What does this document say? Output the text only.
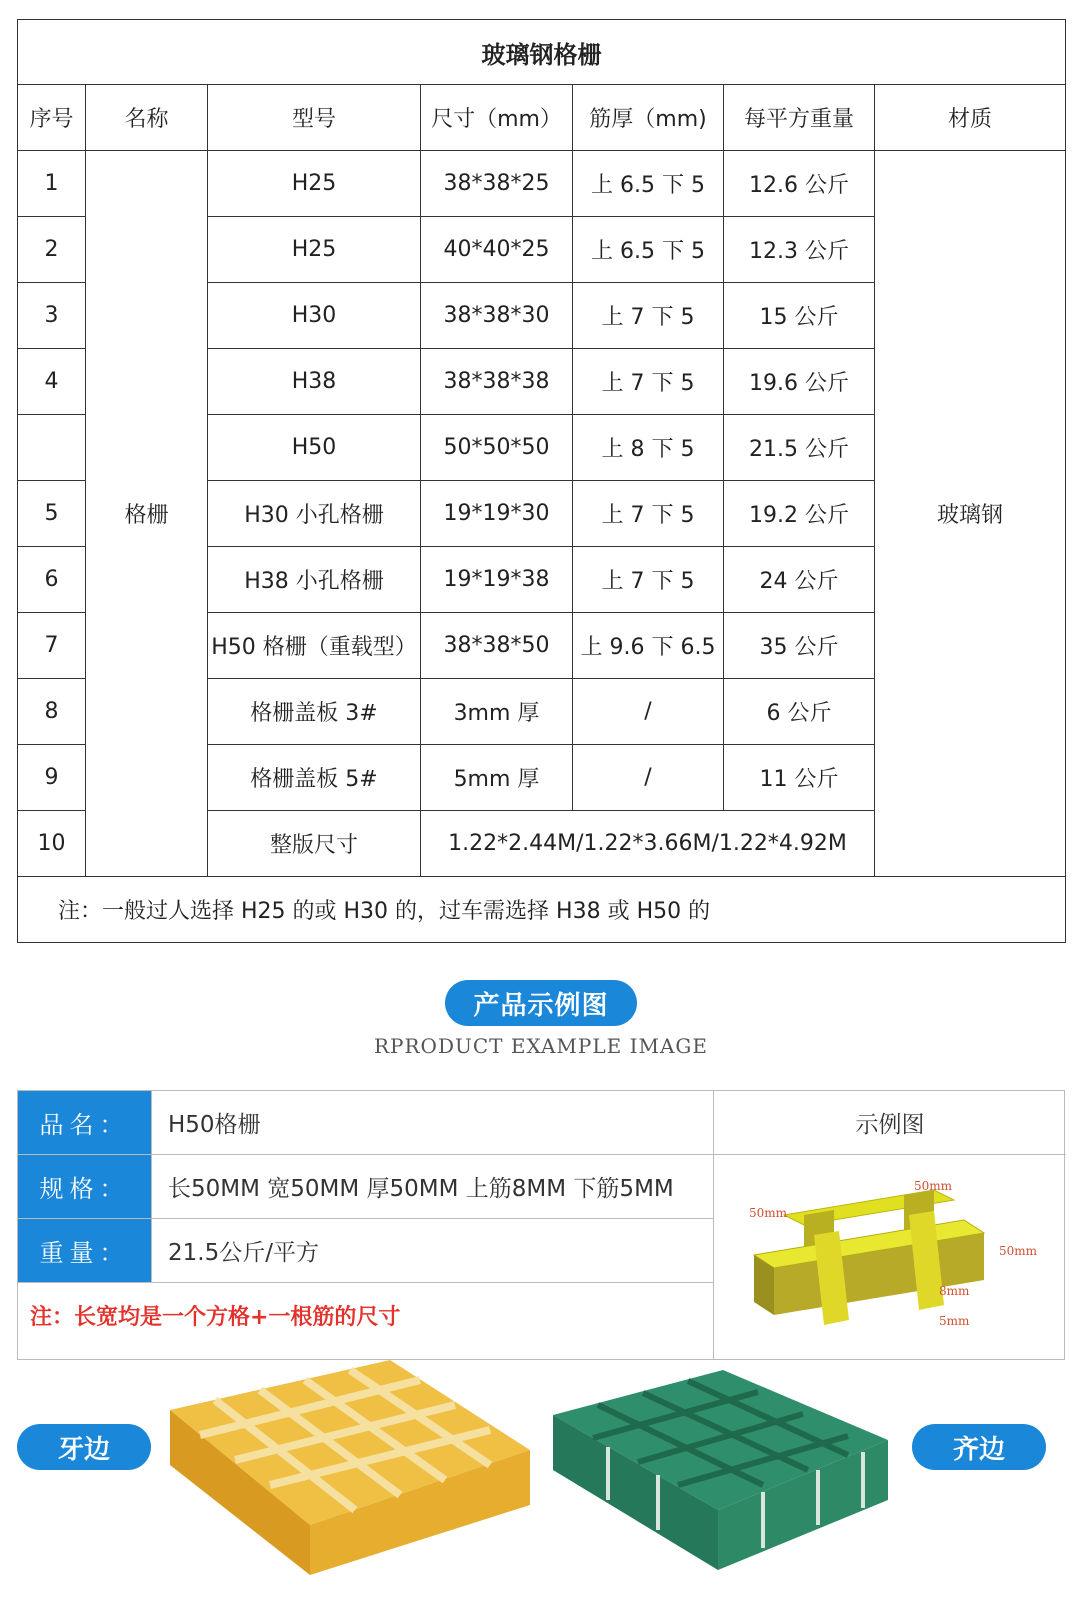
玻璃钢格栅						
序号	名称	型号	尺寸（mm）	筋厚（mm)	每平方重量	材质
1	格栅	H25	38*38*25	上 6.5 下 5	12.6 公斤	玻璃钢
2		H25	40*40*25	上 6.5 下 5	12.3 公斤	
3		H30	38*38*30	上 7 下 5	15 公斤	
4		H38	38*38*38	上 7 下 5	19.6 公斤	
		H50	50*50*50	上 8 下 5	21.5 公斤	
5		H30 小孔格栅	19*19*30	上 7 下 5	19.2 公斤	
6		H38 小孔格栅	19*19*38	上 7 下 5	24 公斤	
7		H50 格栅（重载型）	38*38*50	上 9.6 下 6.5	35 公斤	
8		格栅盖板 3#	3mm 厚	/	6 公斤	
9		格栅盖板 5#	5mm 厚	/	11 公斤	
10		整版尺寸	1.22*2.44M/1.22*3.66M/1.22*4.92M			
注：一般过人选择 H25 的或 H30 的，过车需选择 H38 或 H50 的						
产品示例图
RPRODUCT EXAMPLE IMAGE
品名：	H50格栅
规格：	长50MM 宽50MM 厚50MM 上筋8MM 下筋5MM
重量：	21.5公斤/平方
示例图
50mm
50mm
50mm
8mm
5mm
注：长宽均是一个方格+一根筋的尺寸
牙边	齐边
